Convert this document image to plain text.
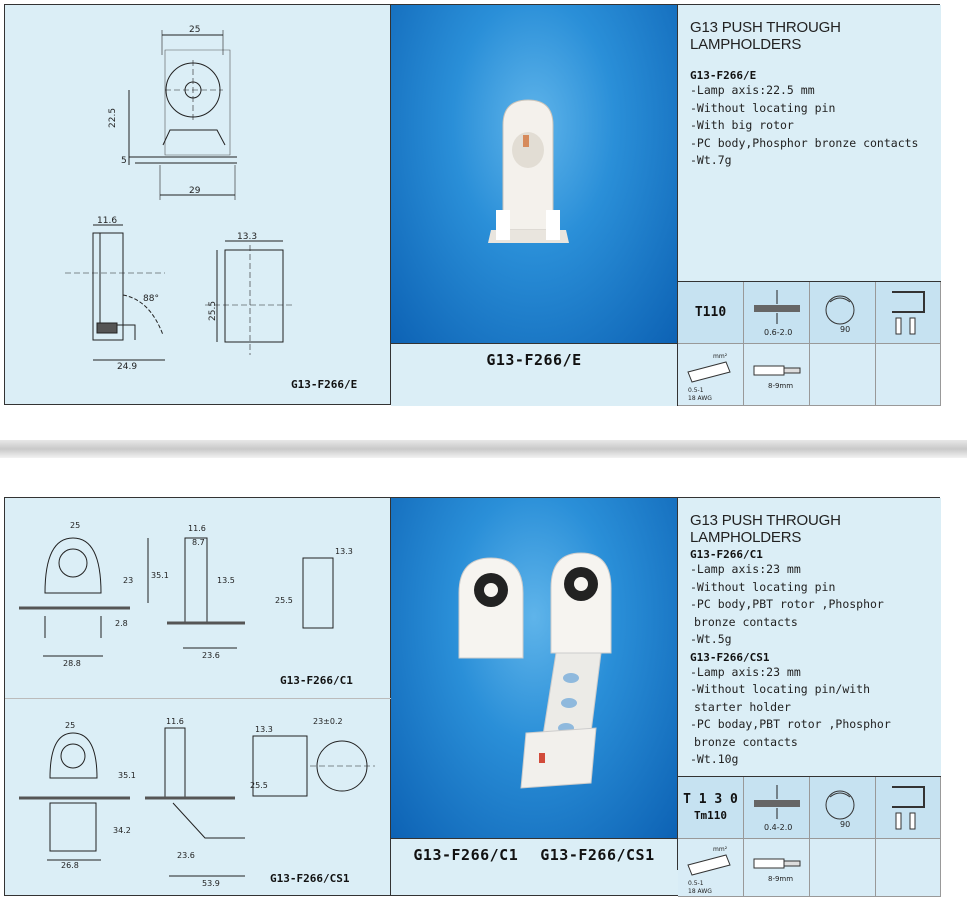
25
22.5
5
29
11.6
88°
24.9
13.3
25.5
G13-F266/E
G13-F266/E
G13 PUSH THROUGH LAMPHOLDERS
G13-F266/E
-Lamp axis:22.5 mm
-Without locating pin
-With big rotor
-PC body,Phosphor bronze contacts
-Wt.7g
T110
0.6-2.0	90
mm²
0.5-1
18 AWG
8-9mm
25
23
35.1
28.8
2.8
11.6
8.7
13.5
23.6
13.3
25.5
25
35.1
34.2
26.8
11.6
23.6
53.9
13.3
25.5
23±0.2
G13-F266/C1
G13-F266/CS1
G13-F266/C1 G13-F266/CS1
G13 PUSH THROUGH LAMPHOLDERS
G13-F266/C1
-Lamp axis:23 mm
-Without locating pin
-PC body,PBT rotor ,Phosphor
bronze contacts
-Wt.5g
G13-F266/CS1
-Lamp axis:23 mm
-Without locating pin/with
starter holder
-PC boday,PBT rotor ,Phosphor
bronze contacts
-Wt.10g
T 1 3 0
Tm110
0.4-2.0	90
mm²
0.5-1
18 AWG
8-9mm
